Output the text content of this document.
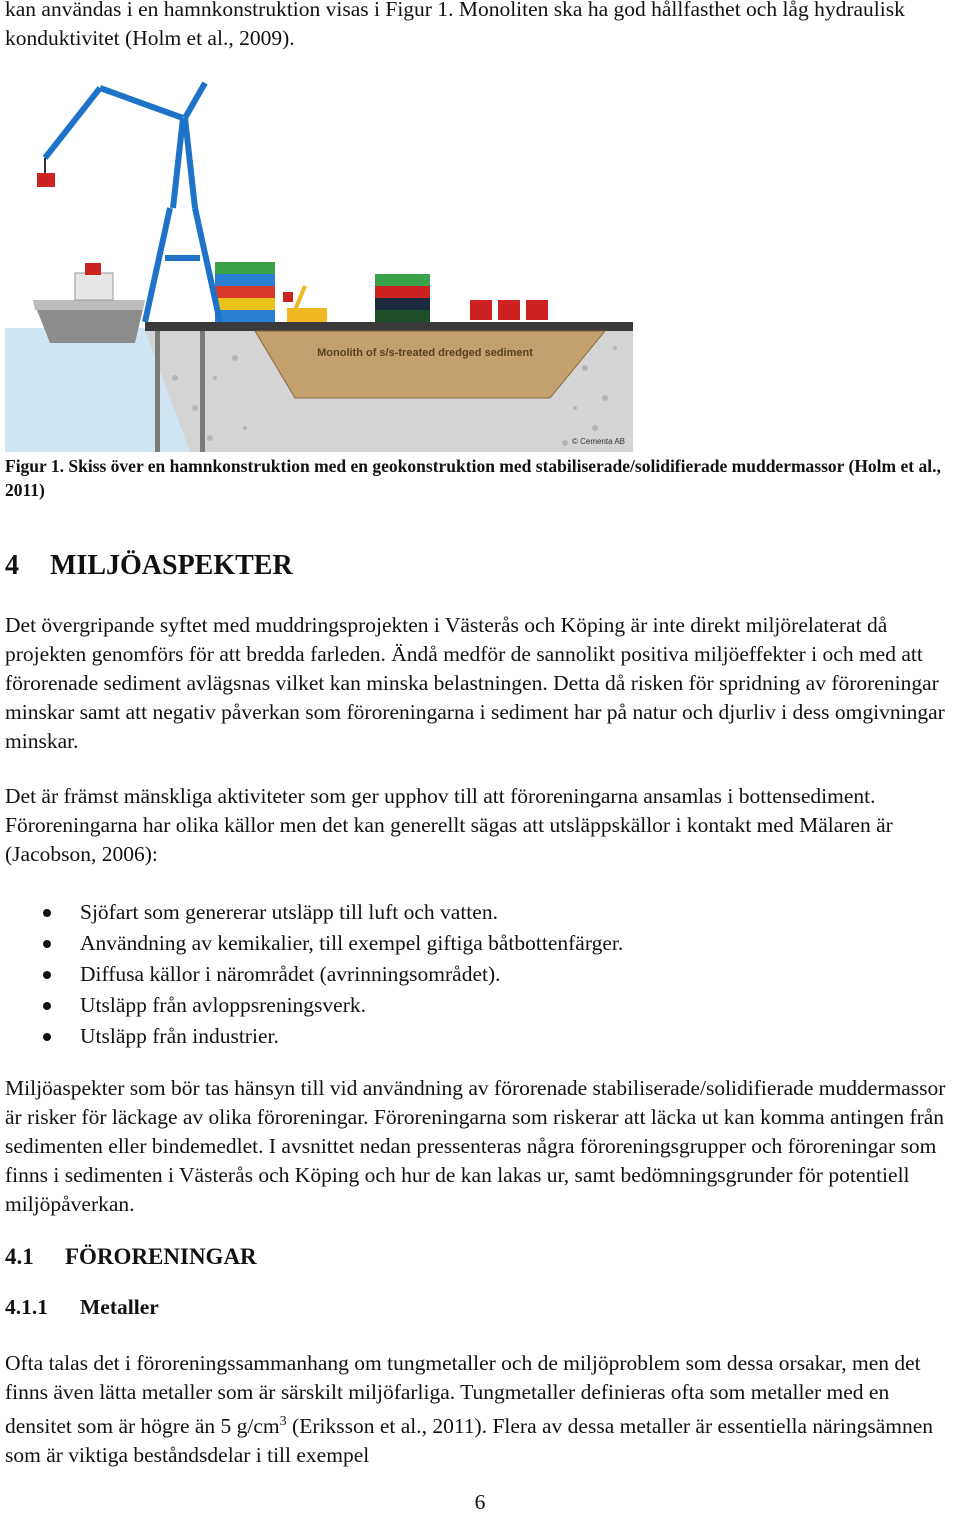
kan användas i en hamnkonstruktion visas i Figur 1. Monoliten ska ha god hållfasthet och låg hydraulisk konduktivitet (Holm et al., 2009).
Monolith of s/s-treated dredged sediment
© Cementa AB
Figur 1. Skiss över en hamnkonstruktion med en geokonstruktion med stabiliserade/solidifierade muddermassor (Holm et al., 2011)
4 MILJÖASPEKTER
Det övergripande syftet med muddringsprojekten i Västerås och Köping är inte direkt miljörelaterat då projekten genomförs för att bredda farleden. Ändå medför de sannolikt positiva miljöeffekter i och med att förorenade sediment avlägsnas vilket kan minska belastningen. Detta då risken för spridning av föroreningar minskar samt att negativ påverkan som föroreningarna i sediment har på natur och djurliv i dess omgivningar minskar.
Det är främst mänskliga aktiviteter som ger upphov till att föroreningarna ansamlas i bottensediment. Föroreningarna har olika källor men det kan generellt sägas att utsläppskällor i kontakt med Mälaren är (Jacobson, 2006):
Sjöfart som genererar utsläpp till luft och vatten.
Användning av kemikalier, till exempel giftiga båtbottenfärger.
Diffusa källor i närområdet (avrinningsområdet).
Utsläpp från avloppsreningsverk.
Utsläpp från industrier.
Miljöaspekter som bör tas hänsyn till vid användning av förorenade stabiliserade/solidifierade muddermassor är risker för läckage av olika föroreningar. Föroreningarna som riskerar att läcka ut kan komma antingen från sedimenten eller bindemedlet. I avsnittet nedan pressenteras några föroreningsgrupper och föroreningar som finns i sedimenten i Västerås och Köping och hur de kan lakas ur, samt bedömningsgrunder för potentiell miljöpåverkan.
4.1 FÖRORENINGAR
4.1.1 Metaller
Ofta talas det i föroreningssammanhang om tungmetaller och de miljöproblem som dessa orsakar, men det finns även lätta metaller som är särskilt miljöfarliga. Tungmetaller definieras ofta som metaller med en densitet som är högre än 5 $g/cm^3$ (Eriksson et al., 2011). Flera av dessa metaller är essentiella näringsämnen som är viktiga beståndsdelar i till exempel
6
